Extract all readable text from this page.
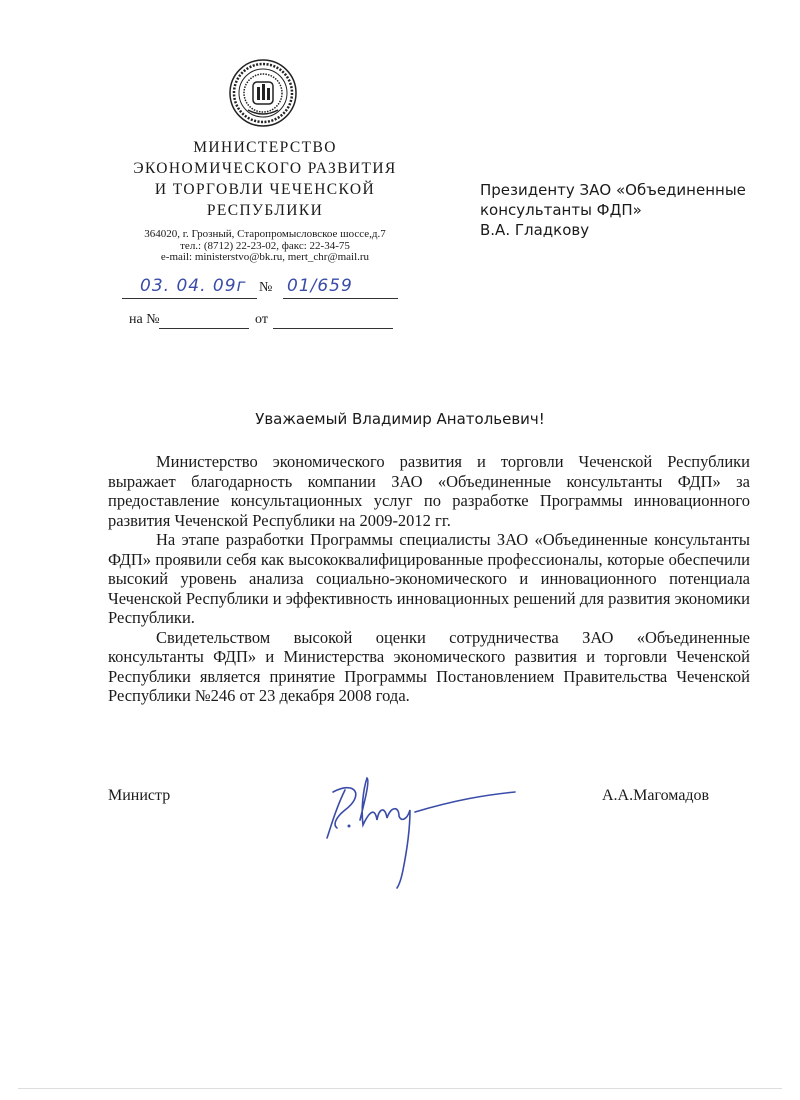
МИНИСТЕРСТВО
ЭКОНОМИЧЕСКОГО РАЗВИТИЯ
И ТОРГОВЛИ ЧЕЧЕНСКОЙ
РЕСПУБЛИКИ
364020, г. Грозный, Старопромысловское шоссе,д.7
тел.: (8712) 22-23-02, факс: 22-34-75
e-mail: ministerstvo@bk.ru, mert_chr@mail.ru
03. 04. 09г № 01/659
на №	от
Президенту ЗАО «Объединенные
консультанты ФДП»
В.А. Гладкову
Уважаемый Владимир Анатольевич!

Министерство экономического развития и торговли Чеченской Республики выражает благодарность компании ЗАО «Объединенные консультанты ФДП» за предоставление консультационных услуг по разработке Программы инновационного развития Чеченской Республики на 2009-2012 гг.

На этапе разработки Программы специалисты ЗАО «Объединенные консультанты ФДП» проявили себя как высококвалифицированные профессионалы, которые обеспечили высокий уровень анализа социально-экономического и инновационного потенциала Чеченской Республики и эффективность инновационных решений для развития экономики Республики.

Свидетельством высокой оценки сотрудничества ЗАО «Объединенные консультанты ФДП» и Министерства экономического развития и торговли Чеченской Республики является принятие Программы Постановлением Правительства Чеченской Республики №246 от 23 декабря 2008 года.

Министр	А.А.Магомадов
